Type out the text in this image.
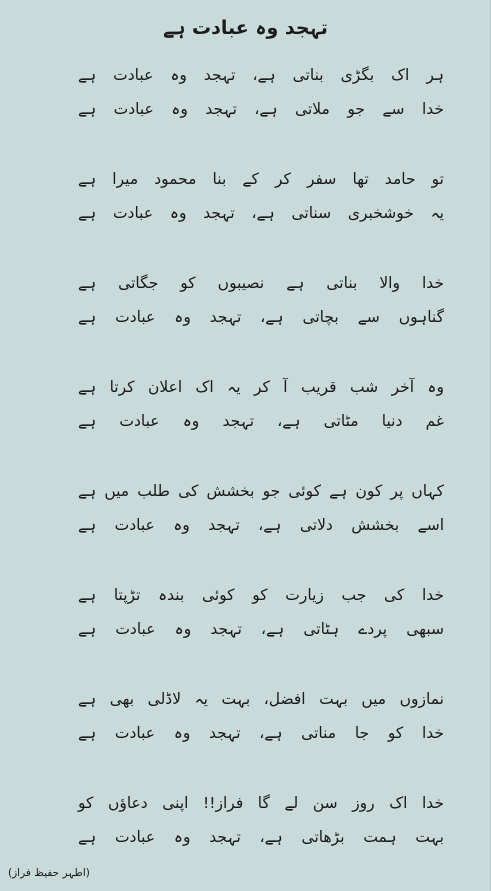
تہجد وہ عبادت ہے
ہر اک بگڑی بناتی ہے، تہجد وہ عبادت ہے
خدا سے جو ملاتی ہے، تہجد وہ عبادت ہے
تو حامد تھا سفر کر کے بنا محمود میرا ہے
یہ خوشخبری سناتی ہے، تہجد وہ عبادت ہے
خدا والا بناتی ہے نصیبوں کو جگاتی ہے
گناہوں سے بچاتی ہے، تہجد وہ عبادت ہے
وہ آخر شب قریب آ کر یہ اک اعلان کرتا ہے
غم دنیا مٹاتی ہے، تہجد وہ عبادت ہے
کہاں پر کون ہے کوئی جو بخشش کی طلب میں ہے
اسے بخشش دلاتی ہے، تہجد وہ عبادت ہے
خدا کی جب زیارت کو کوئی بندہ تڑپتا ہے
سبھی پردے ہٹاتی ہے، تہجد وہ عبادت ہے
نمازوں میں بہت افضل، بہت یہ لاڈلی بھی ہے
خدا کو جا مناتی ہے، تہجد وہ عبادت ہے
خدا اک روز سن لے گا فراز!! اپنی دعاؤں کو
بہت ہمت بڑھاتی ہے، تہجد وہ عبادت ہے
(اطہر حفیظ فراز)
